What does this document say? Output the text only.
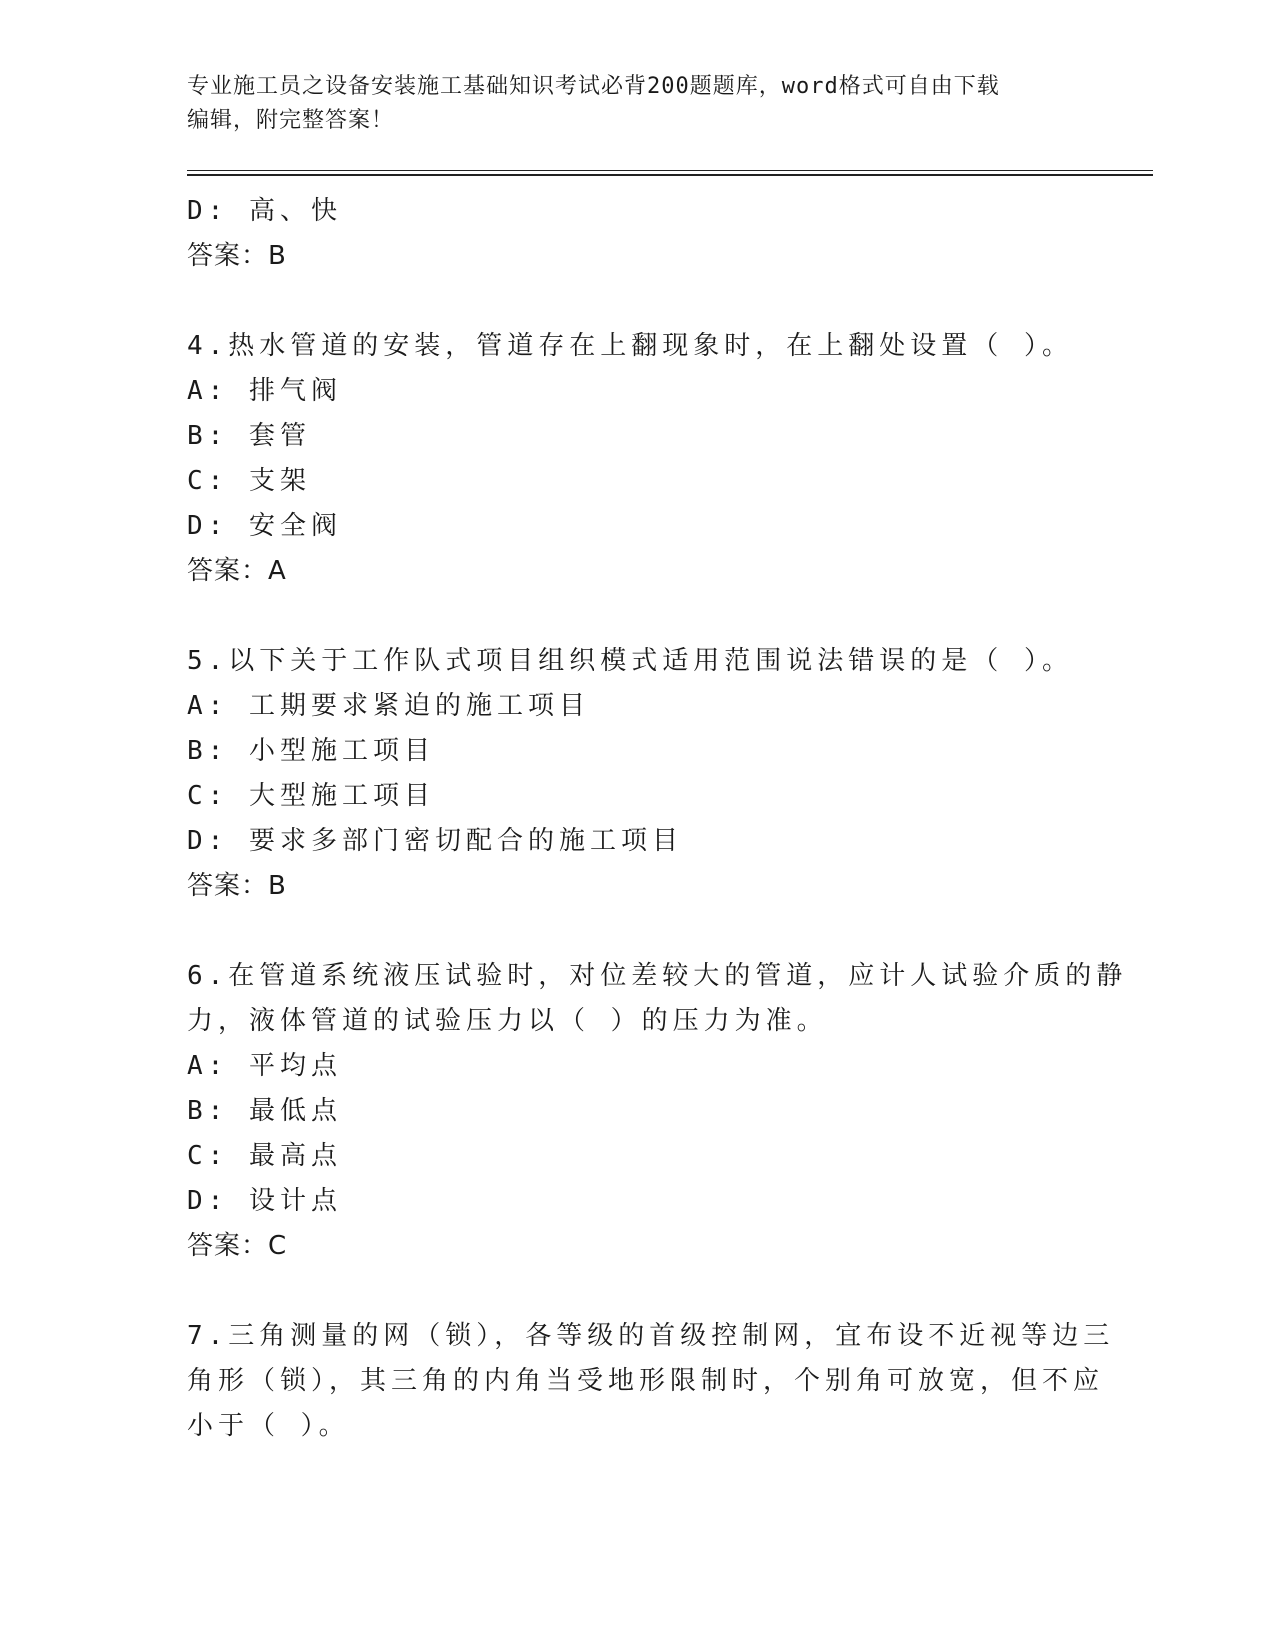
专业施工员之设备安装施工基础知识考试必背200题题库，word格式可自由下载
编辑，附完整答案！
D: 高、快
答案：B
4.热水管道的安装，管道存在上翻现象时，在上翻处设置（ ）。
A: 排气阀
B: 套管
C: 支架
D: 安全阀
答案：A
5.以下关于工作队式项目组织模式适用范围说法错误的是（ ）。
A: 工期要求紧迫的施工项目
B: 小型施工项目
C: 大型施工项目
D: 要求多部门密切配合的施工项目
答案：B
6.在管道系统液压试验时，对位差较大的管道，应计人试验介质的静
力，液体管道的试验压力以（ ）的压力为准。
A: 平均点
B: 最低点
C: 最高点
D: 设计点
答案：C
7.三角测量的网（锁），各等级的首级控制网，宜布设不近视等边三
角形（锁），其三角的内角当受地形限制时，个别角可放宽，但不应
小于（ ）。
